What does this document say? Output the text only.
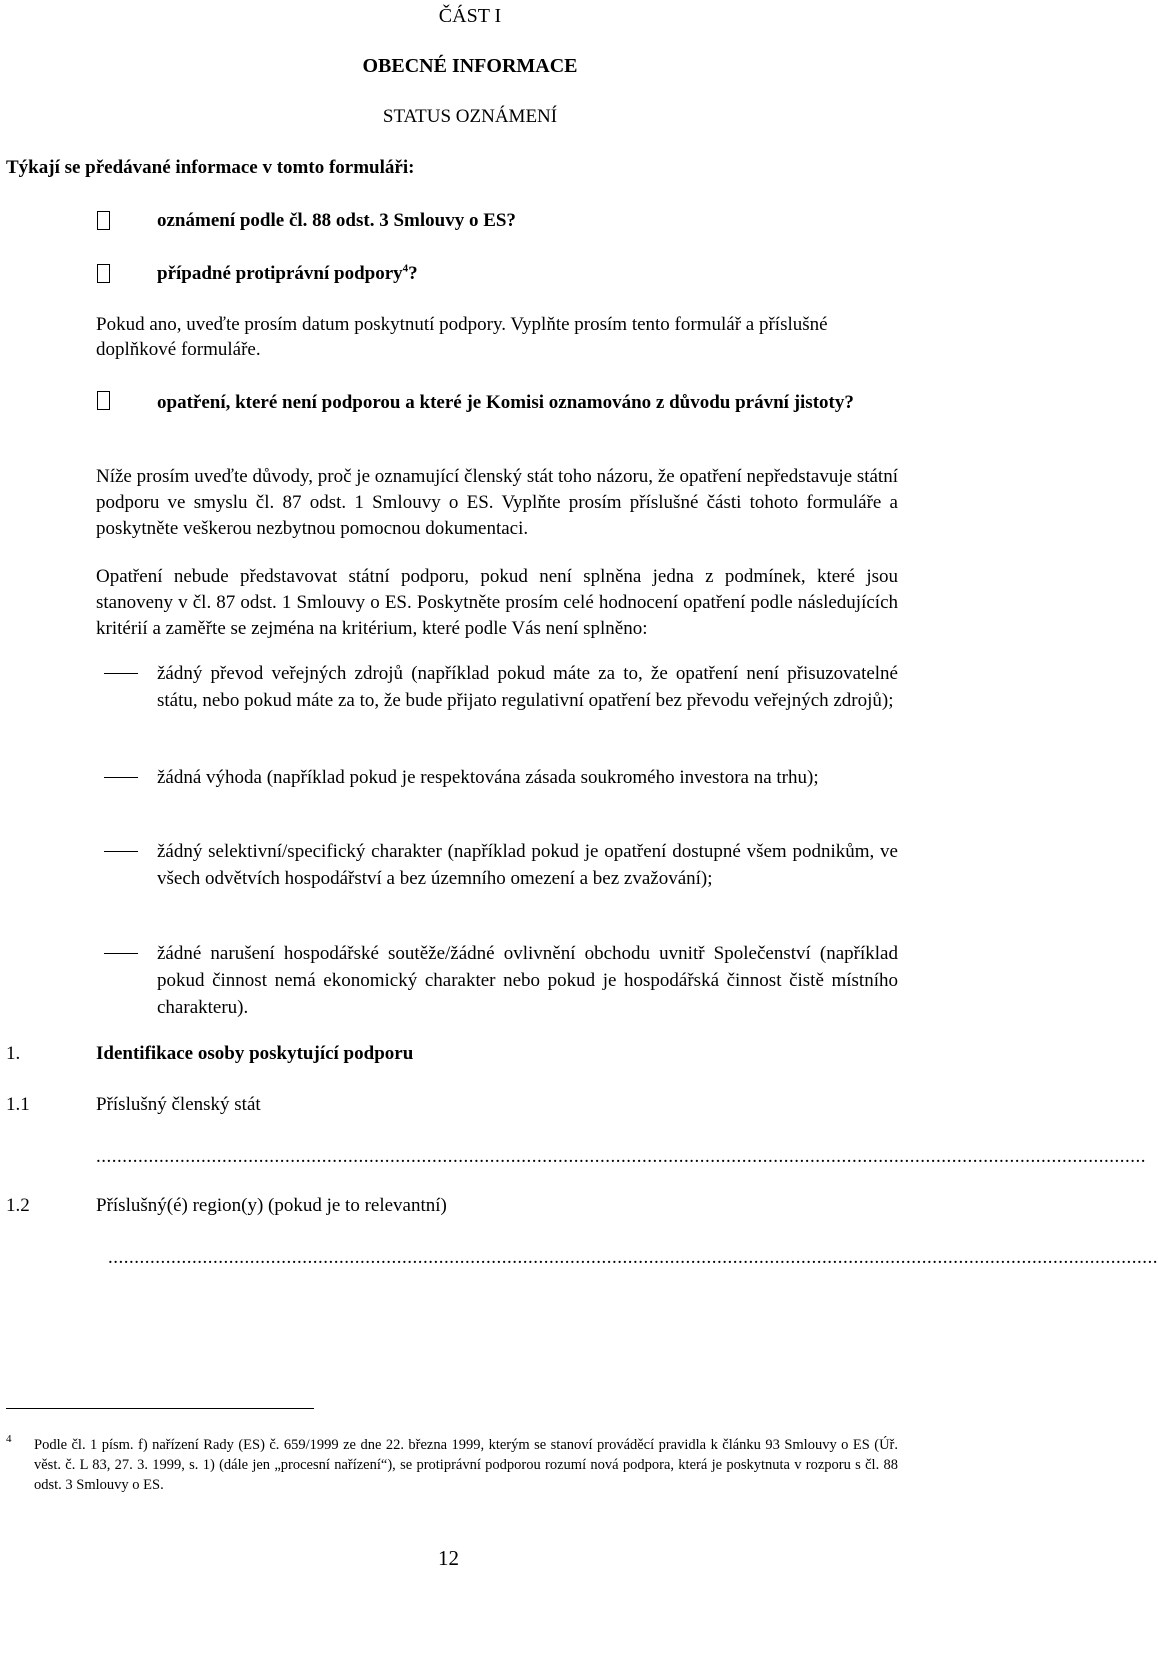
ČÁST I
OBECNÉ INFORMACE
STATUS OZNÁMENÍ
Týkají se předávané informace v tomto formuláři:
oznámení podle čl. 88 odst. 3 Smlouvy o ES?
případné protiprávní podpory$^4$?
Pokud ano, uveďte prosím datum poskytnutí podpory. Vyplňte prosím tento formulář a příslušné doplňkové formuláře.
opatření, které není podporou a které je Komisi oznamováno z důvodu právní jistoty?
Níže prosím uveďte důvody, proč je oznamující členský stát toho názoru, že opatření nepředstavuje státní podporu ve smyslu čl. 87 odst. 1 Smlouvy o ES. Vyplňte prosím příslušné části tohoto formuláře a poskytněte veškerou nezbytnou pomocnou dokumentaci.
Opatření nebude představovat státní podporu, pokud není splněna jedna z podmínek, které jsou stanoveny v čl. 87 odst. 1 Smlouvy o ES. Poskytněte prosím celé hodnocení opatření podle následujících kritérií a zaměřte se zejména na kritérium, které podle Vás není splněno:
žádný převod veřejných zdrojů (například pokud máte za to, že opatření není přisuzovatelné státu, nebo pokud máte za to, že bude přijato regulativní opatření bez převodu veřejných zdrojů);
žádná výhoda (například pokud je respektována zásada soukromého investora na trhu);
žádný selektivní/specifický charakter (například pokud je opatření dostupné všem podnikům, ve všech odvětvích hospodářství a bez územního omezení a bez zvažování);
žádné narušení hospodářské soutěže/žádné ovlivnění obchodu uvnitř Společenství (například pokud činnost nemá ekonomický charakter nebo pokud je hospodářská činnost čistě místního charakteru).
1.	Identifikace osoby poskytující podporu
1.1	Příslušný členský stát
........................................................................................................................................................................................................
1.2	Příslušný(é) region(y) (pokud je to relevantní)
........................................................................................................................................................................................................
4 Podle čl. 1 písm. f) nařízení Rady (ES) č. 659/1999 ze dne 22. března 1999, kterým se stanoví prováděcí pravidla k článku 93 Smlouvy o ES (Úř. věst. č. L 83, 27. 3. 1999, s. 1) (dále jen „procesní nařízení“), se protiprávní podporou rozumí nová podpora, která je poskytnuta v rozporu s čl. 88 odst. 3 Smlouvy o ES.
12
